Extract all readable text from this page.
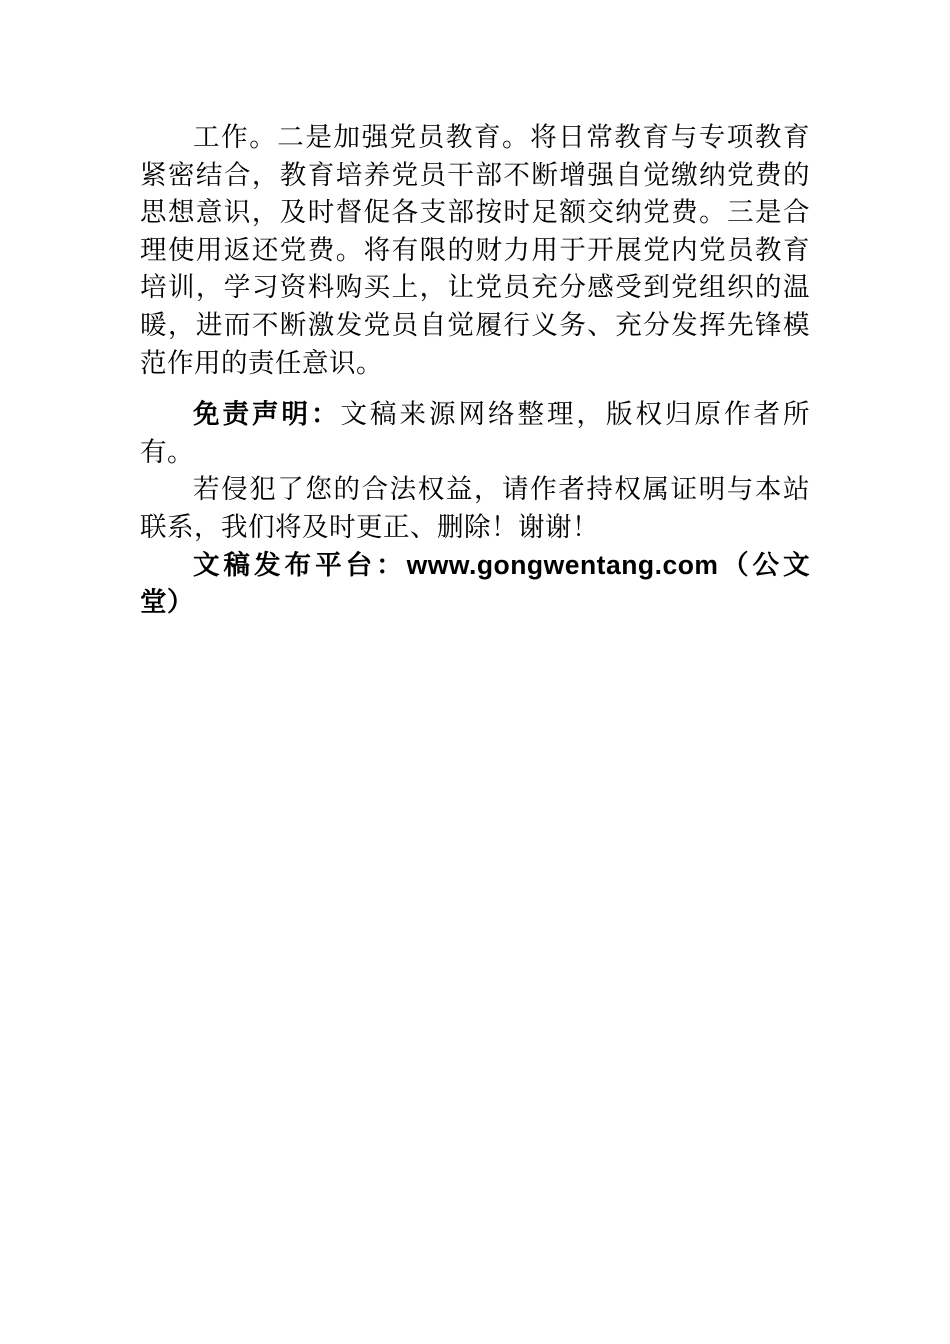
工作。二是加强党员教育。将日常教育与专项教育紧密结合，教育培养党员干部不断增强自觉缴纳党费的思想意识，及时督促各支部按时足额交纳党费。三是合理使用返还党费。将有限的财力用于开展党内党员教育培训，学习资料购买上，让党员充分感受到党组织的温暖，进而不断激发党员自觉履行义务、充分发挥先锋模范作用的责任意识。

免责声明：文稿来源网络整理，版权归原作者所有。

若侵犯了您的合法权益，请作者持权属证明与本站联系，我们将及时更正、删除！谢谢！

文稿发布平台：www.gongwentang.com（公文堂）
